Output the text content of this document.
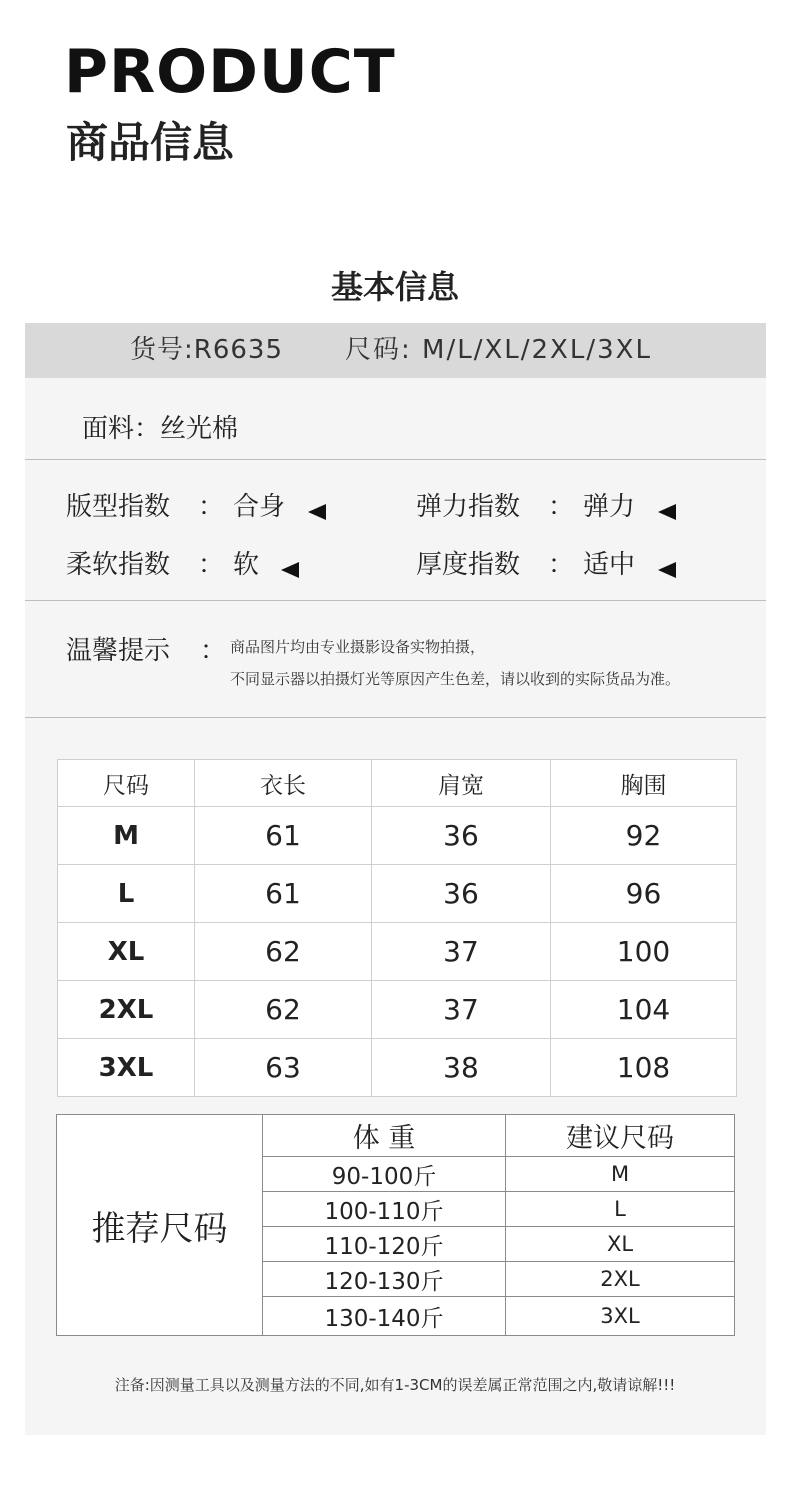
PRODUCT
商品信息
基本信息
货号:R6635 尺码: M/L/XL/2XL/3XL
面料：丝光棉
版型指数 ： 合身	弹力指数 ： 弹力
柔软指数 ： 软	厚度指数 ： 适中
温馨提示 ： 商品图片均由专业摄影设备实物拍摄，
不同显示器以拍摄灯光等原因产生色差，请以收到的实际货品为准。
尺码	衣长	肩宽	胸围
M	61	36	92
L	61	36	96
XL	62	37	100
2XL	62	37	104
3XL	63	38	108
推荐尺码	体 重	建议尺码
	90-100斤	M
	100-110斤	L
	110-120斤	XL
	120-130斤	2XL
	130-140斤	3XL
注备:因测量工具以及测量方法的不同,如有1-3CM的误差属正常范围之内,敬请谅解!!!
